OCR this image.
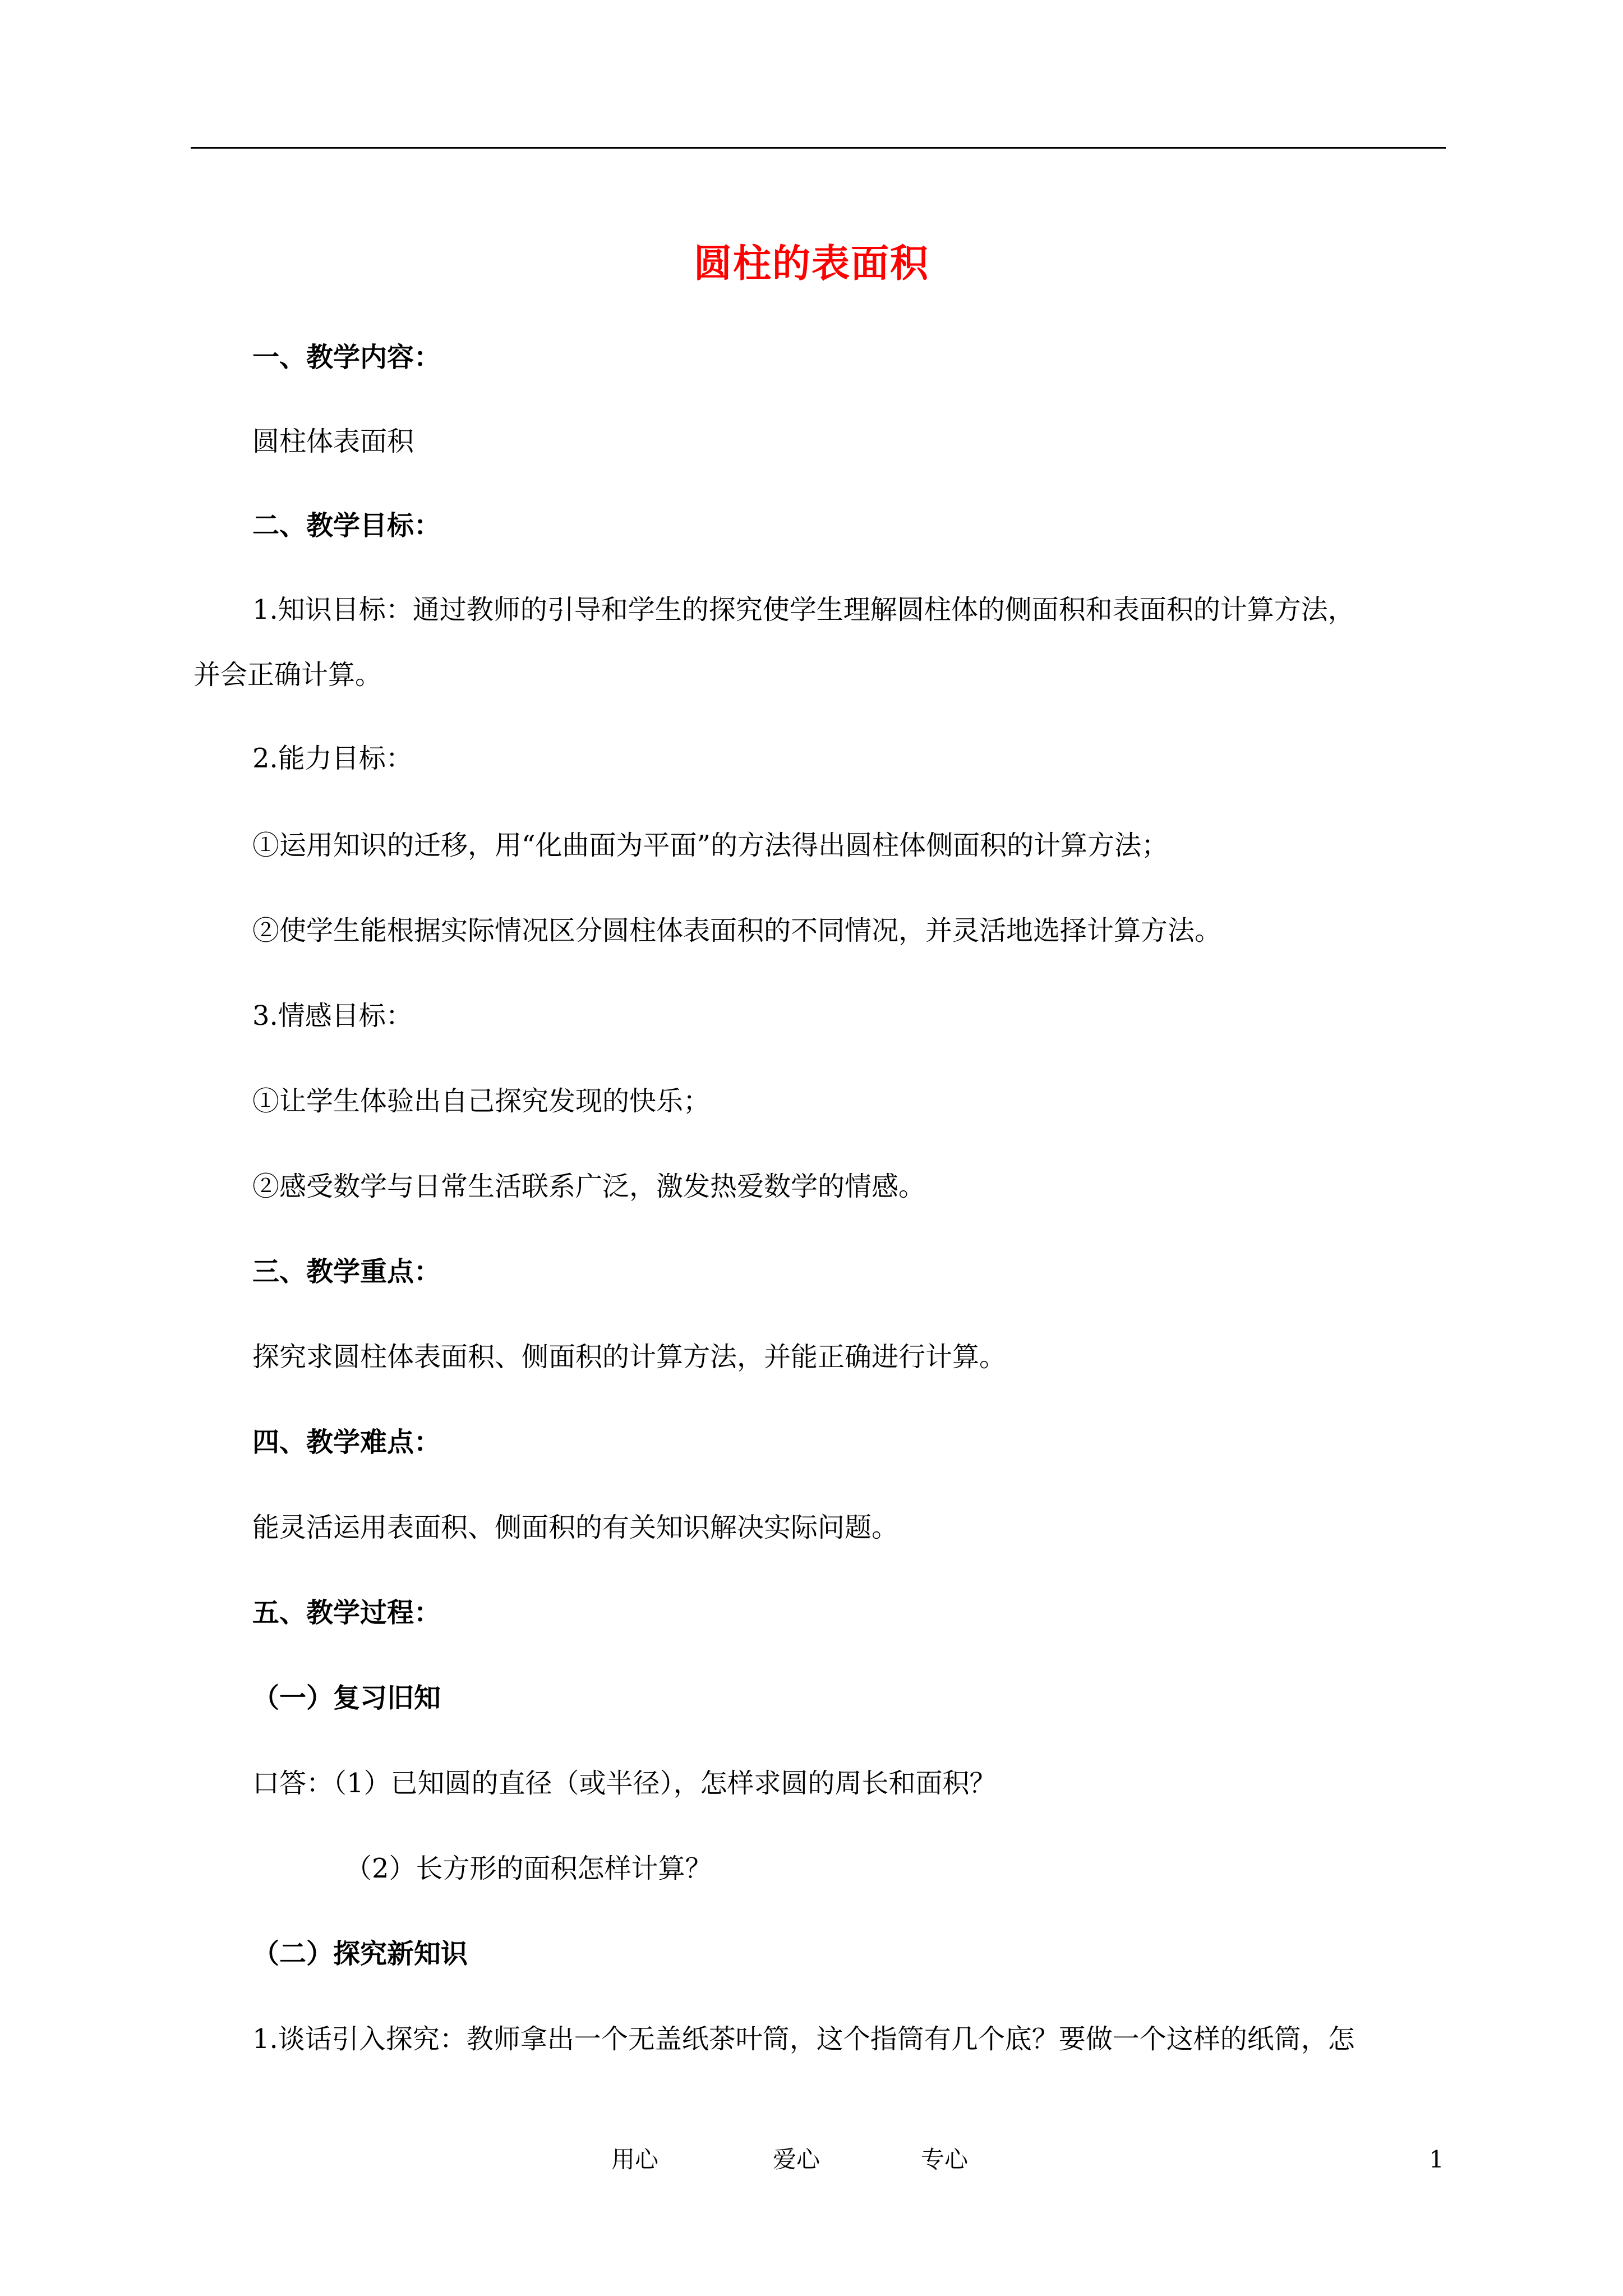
圆柱的表面积
一、教学内容：
圆柱体表面积
二、教学目标：
1.知识目标：通过教师的引导和学生的探究使学生理解圆柱体的侧面积和表面积的计算方法，
并会正确计算。
2.能力目标：
①运用知识的迁移，用“化曲面为平面”的方法得出圆柱体侧面积的计算方法；
②使学生能根据实际情况区分圆柱体表面积的不同情况，并灵活地选择计算方法。
3.情感目标：
①让学生体验出自己探究发现的快乐；
②感受数学与日常生活联系广泛，激发热爱数学的情感。
三、教学重点：
探究求圆柱体表面积、侧面积的计算方法，并能正确进行计算。
四、教学难点：
能灵活运用表面积、侧面积的有关知识解决实际问题。
五、教学过程：
（一）复习旧知
口答：（1）已知圆的直径（或半径），怎样求圆的周长和面积？
（2）长方形的面积怎样计算？
（二）探究新知识
1.谈话引入探究：教师拿出一个无盖纸茶叶筒，这个指筒有几个底？要做一个这样的纸筒，怎
用心	爱心	专心	1
